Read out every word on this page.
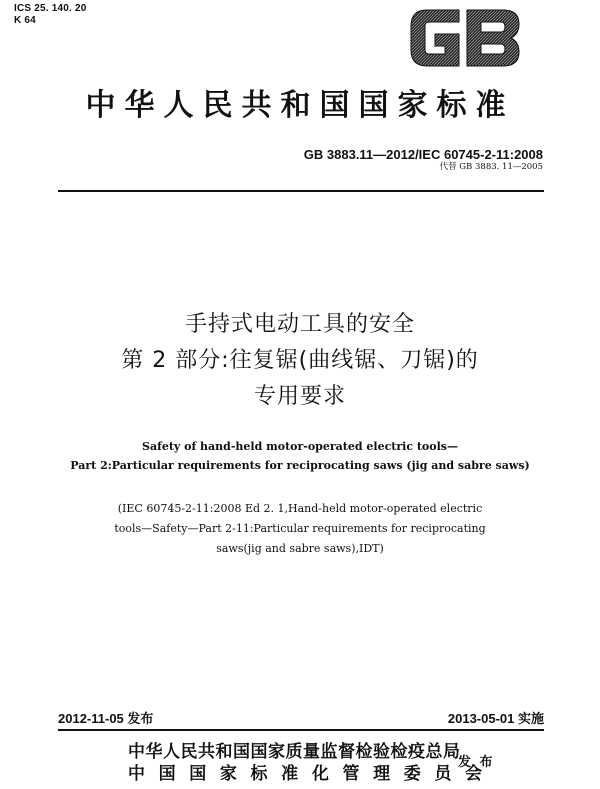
ICS 25. 140. 20
K 64
中华人民共和国国家标准
GB 3883.11—2012/IEC 60745-2-11:2008
代替 GB 3883. 11—2005
手持式电动工具的安全
第 2 部分:往复锯(曲线锯、刀锯)的
专用要求
Safety of hand-held motor-operated electric tools—
Part 2:Particular requirements for reciprocating saws (jig and sabre saws)
(IEC 60745-2-11:2008 Ed 2. 1,Hand-held motor-operated electric
tools—Safety—Part 2-11:Particular requirements for reciprocating
saws(jig and sabre saws),IDT)
2012-11-05 发布	2013-05-01 实施
中华人民共和国国家质量监督检验检疫总局
中  国  国  家  标  准  化  管  理  委  员  会
发 布
